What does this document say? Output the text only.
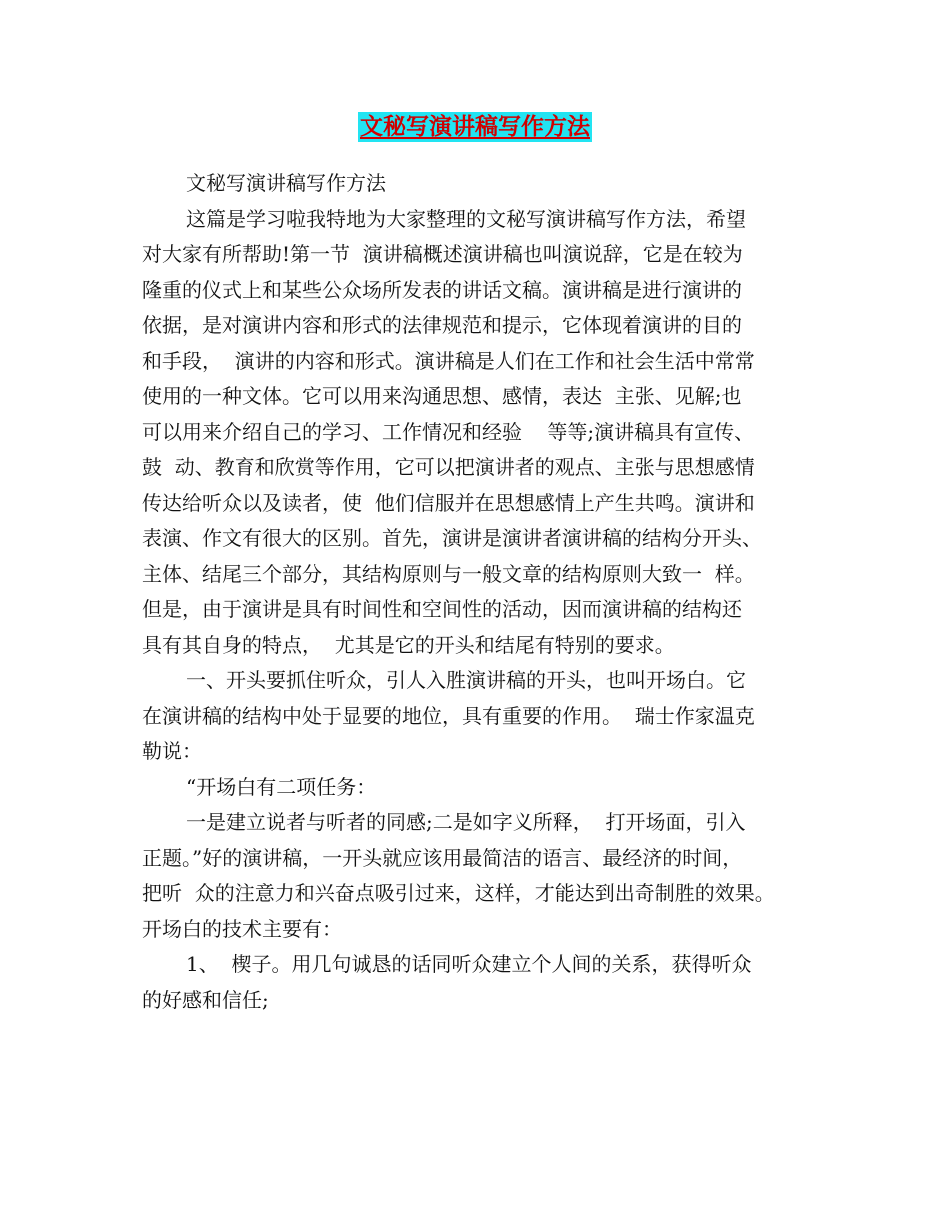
文秘写演讲稿写作方法
文秘写演讲稿写作方法
这篇是学习啦我特地为大家整理的文秘写演讲稿写作方法，希望
对大家有所帮助!第一节  演讲稿概述演讲稿也叫演说辞，它是在较为
隆重的仪式上和某些公众场所发表的讲话文稿。演讲稿是进行演讲的
依据，是对演讲内容和形式的法律规范和提示，它体现着演讲的目的
和手段，  演讲的内容和形式。演讲稿是人们在工作和社会生活中常常
使用的一种文体。它可以用来沟通思想、感情，表达  主张、见解;也
可以用来介绍自己的学习、工作情况和经验    等等;演讲稿具有宣传、
鼓  动、教育和欣赏等作用，它可以把演讲者的观点、主张与思想感情
传达给听众以及读者，使  他们信服并在思想感情上产生共鸣。演讲和
表演、作文有很大的区别。首先，演讲是演讲者演讲稿的结构分开头、
主体、结尾三个部分，其结构原则与一般文章的结构原则大致一  样。
但是，由于演讲是具有时间性和空间性的活动，因而演讲稿的结构还
具有其自身的特点，  尤其是它的开头和结尾有特别的要求。
一、开头要抓住听众，引人入胜演讲稿的开头，也叫开场白。它
在演讲稿的结构中处于显要的地位，具有重要的作用。  瑞士作家温克
勒说：
“开场白有二项任务：
一是建立说者与听者的同感;二是如字义所释，  打开场面，引入
正题。”好的演讲稿，一开头就应该用最简洁的语言、最经济的时间，
把听  众的注意力和兴奋点吸引过来，这样，才能达到出奇制胜的效果。
开场白的技术主要有：
1、  楔子。用几句诚恳的话同听众建立个人间的关系，获得听众
的好感和信任;
